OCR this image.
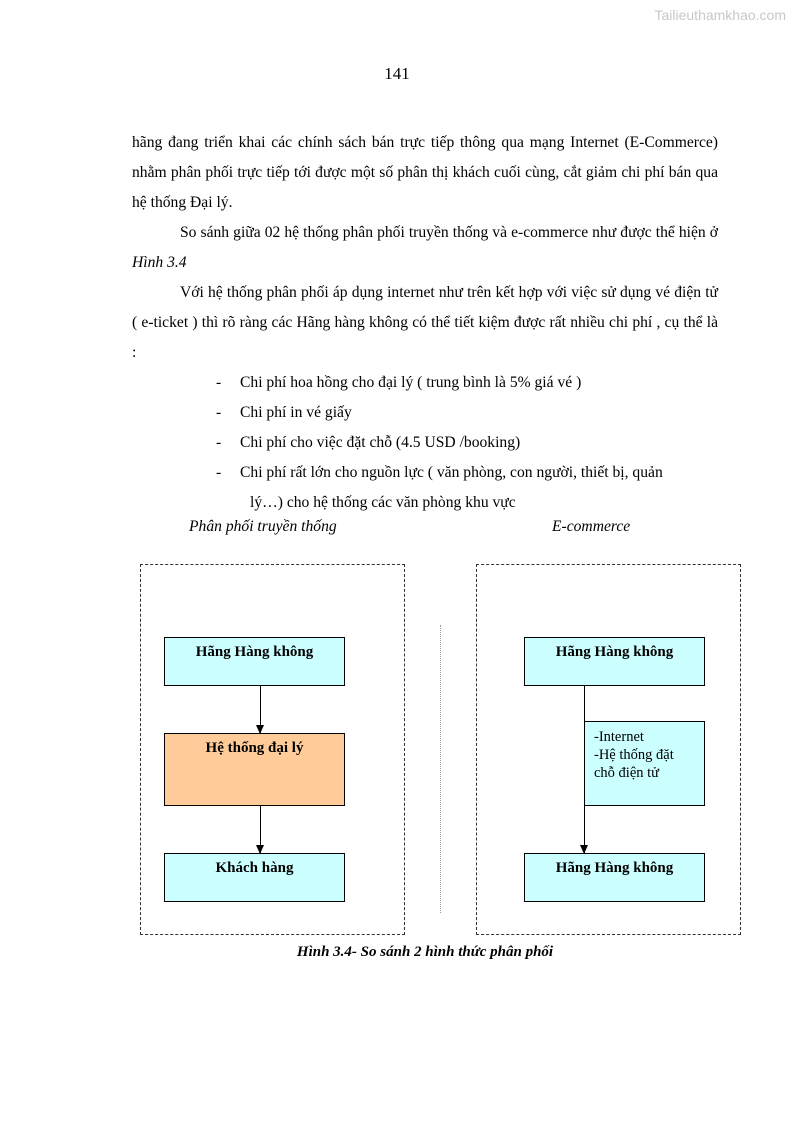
Tailieuthamkhao.com
141

hãng đang triển khai các chính sách bán trực tiếp thông qua mạng Internet (E-Commerce) nhằm phân phối trực tiếp tới được một số phân thị khách cuối cùng, cắt giảm chi phí bán qua hệ thống Đại lý.

So sánh giữa 02 hệ thống phân phối truyền thống và e-commerce như được thể hiện ở Hình 3.4

Với hệ thống phân phối áp dụng internet như trên kết hợp với việc sử dụng vé điện tử ( e-ticket ) thì rõ ràng các Hãng hàng không có thể tiết kiệm được rất nhiều chi phí , cụ thể là :

- Chi phí hoa hồng cho đại lý ( trung bình là 5% giá vé )
- Chi phí in vé giấy
- Chi phí cho việc đặt chỗ (4.5 USD /booking)
- Chi phí rất lớn cho nguồn lực ( văn phòng, con người, thiết bị, quản
lý…) cho hệ thống các văn phòng khu vực
Phân phối truyền thống	E-commerce
Hãng Hàng không
Hệ thống đại lý
Khách hàng
Hãng Hàng không
-Internet
-Hệ thống đặt
chỗ điện tử
Hãng Hàng không
Hình 3.4- So sánh 2 hình thức phân phối
